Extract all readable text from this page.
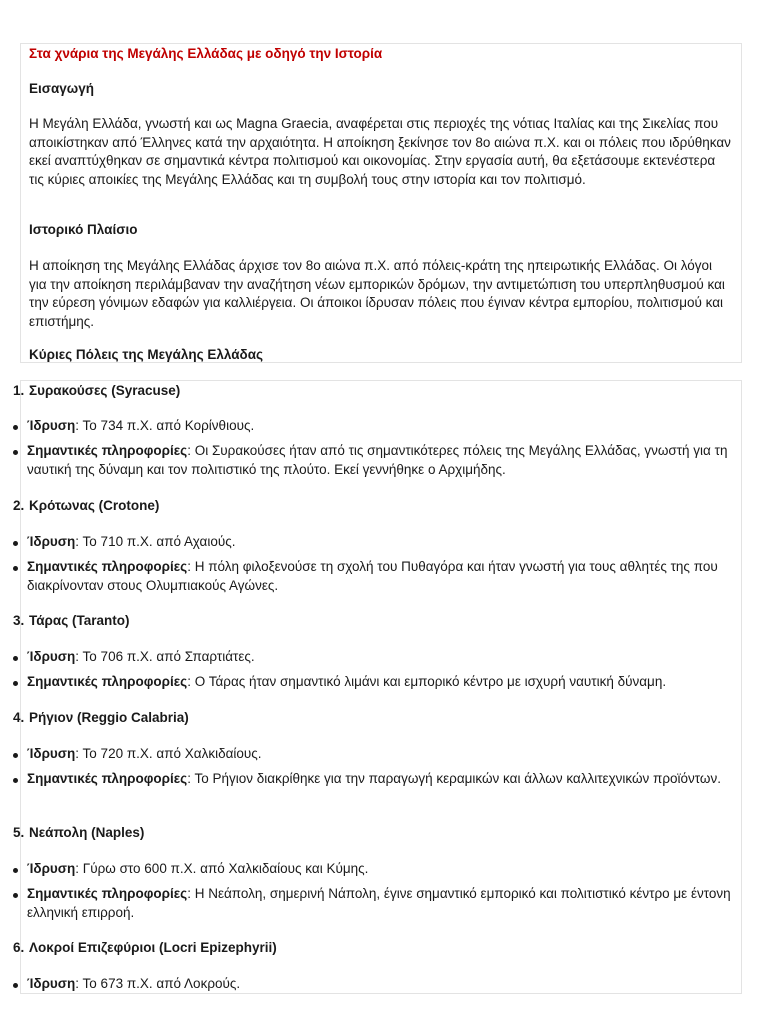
Στα χνάρια της Μεγάλης Ελλάδας με οδηγό την Ιστορία
Εισαγωγή

Η Μεγάλη Ελλάδα, γνωστή και ως Magna Graecia, αναφέρεται στις περιοχές της νότιας Ιταλίας και της Σικελίας που αποικίστηκαν από Έλληνες κατά την αρχαιότητα. Η αποίκηση ξεκίνησε τον 8ο αιώνα π.Χ. και οι πόλεις που ιδρύθηκαν εκεί αναπτύχθηκαν σε σημαντικά κέντρα πολιτισμού και οικονομίας. Στην εργασία αυτή, θα εξετάσουμε εκτενέστερα τις κύριες αποικίες της Μεγάλης Ελλάδας και τη συμβολή τους στην ιστορία και τον πολιτισμό.

Ιστορικό Πλαίσιο

Η αποίκηση της Μεγάλης Ελλάδας άρχισε τον 8ο αιώνα π.Χ. από πόλεις-κράτη της ηπειρωτικής Ελλάδας. Οι λόγοι για την αποίκηση περιλάμβαναν την αναζήτηση νέων εμπορικών δρόμων, την αντιμετώπιση του υπερπληθυσμού και την εύρεση γόνιμων εδαφών για καλλιέργεια. Οι άποικοι ίδρυσαν πόλεις που έγιναν κέντρα εμπορίου, πολιτισμού και επιστήμης.

Κύριες Πόλεις της Μεγάλης Ελλάδας
1. Συρακούσες (Syracuse)
Ίδρυση: Το 734 π.Χ. από Κορίνθιους.
Σημαντικές πληροφορίες: Οι Συρακούσες ήταν από τις σημαντικότερες πόλεις της Μεγάλης Ελλάδας, γνωστή για τη ναυτική της δύναμη και τον πολιτιστικό της πλούτο. Εκεί γεννήθηκε ο Αρχιμήδης.
2. Κρότωνας (Crotone)
Ίδρυση: Το 710 π.Χ. από Αχαιούς.
Σημαντικές πληροφορίες: Η πόλη φιλοξενούσε τη σχολή του Πυθαγόρα και ήταν γνωστή για τους αθλητές της που διακρίνονταν στους Ολυμπιακούς Αγώνες.
3. Τάρας (Taranto)
Ίδρυση: Το 706 π.Χ. από Σπαρτιάτες.
Σημαντικές πληροφορίες: Ο Τάρας ήταν σημαντικό λιμάνι και εμπορικό κέντρο με ισχυρή ναυτική δύναμη.
4. Ρήγιον (Reggio Calabria)
Ίδρυση: Το 720 π.Χ. από Χαλκιδαίους.
Σημαντικές πληροφορίες: Το Ρήγιον διακρίθηκε για την παραγωγή κεραμικών και άλλων καλλιτεχνικών προϊόντων.
5. Νεάπολη (Naples)
Ίδρυση: Γύρω στο 600 π.Χ. από Χαλκιδαίους και Κύμης.
Σημαντικές πληροφορίες: Η Νεάπολη, σημερινή Νάπολη, έγινε σημαντικό εμπορικό και πολιτιστικό κέντρο με έντονη ελληνική επιρροή.
6. Λοκροί Επιζεφύριοι (Locri Epizephyrii)
Ίδρυση: Το 673 π.Χ. από Λοκρούς.
